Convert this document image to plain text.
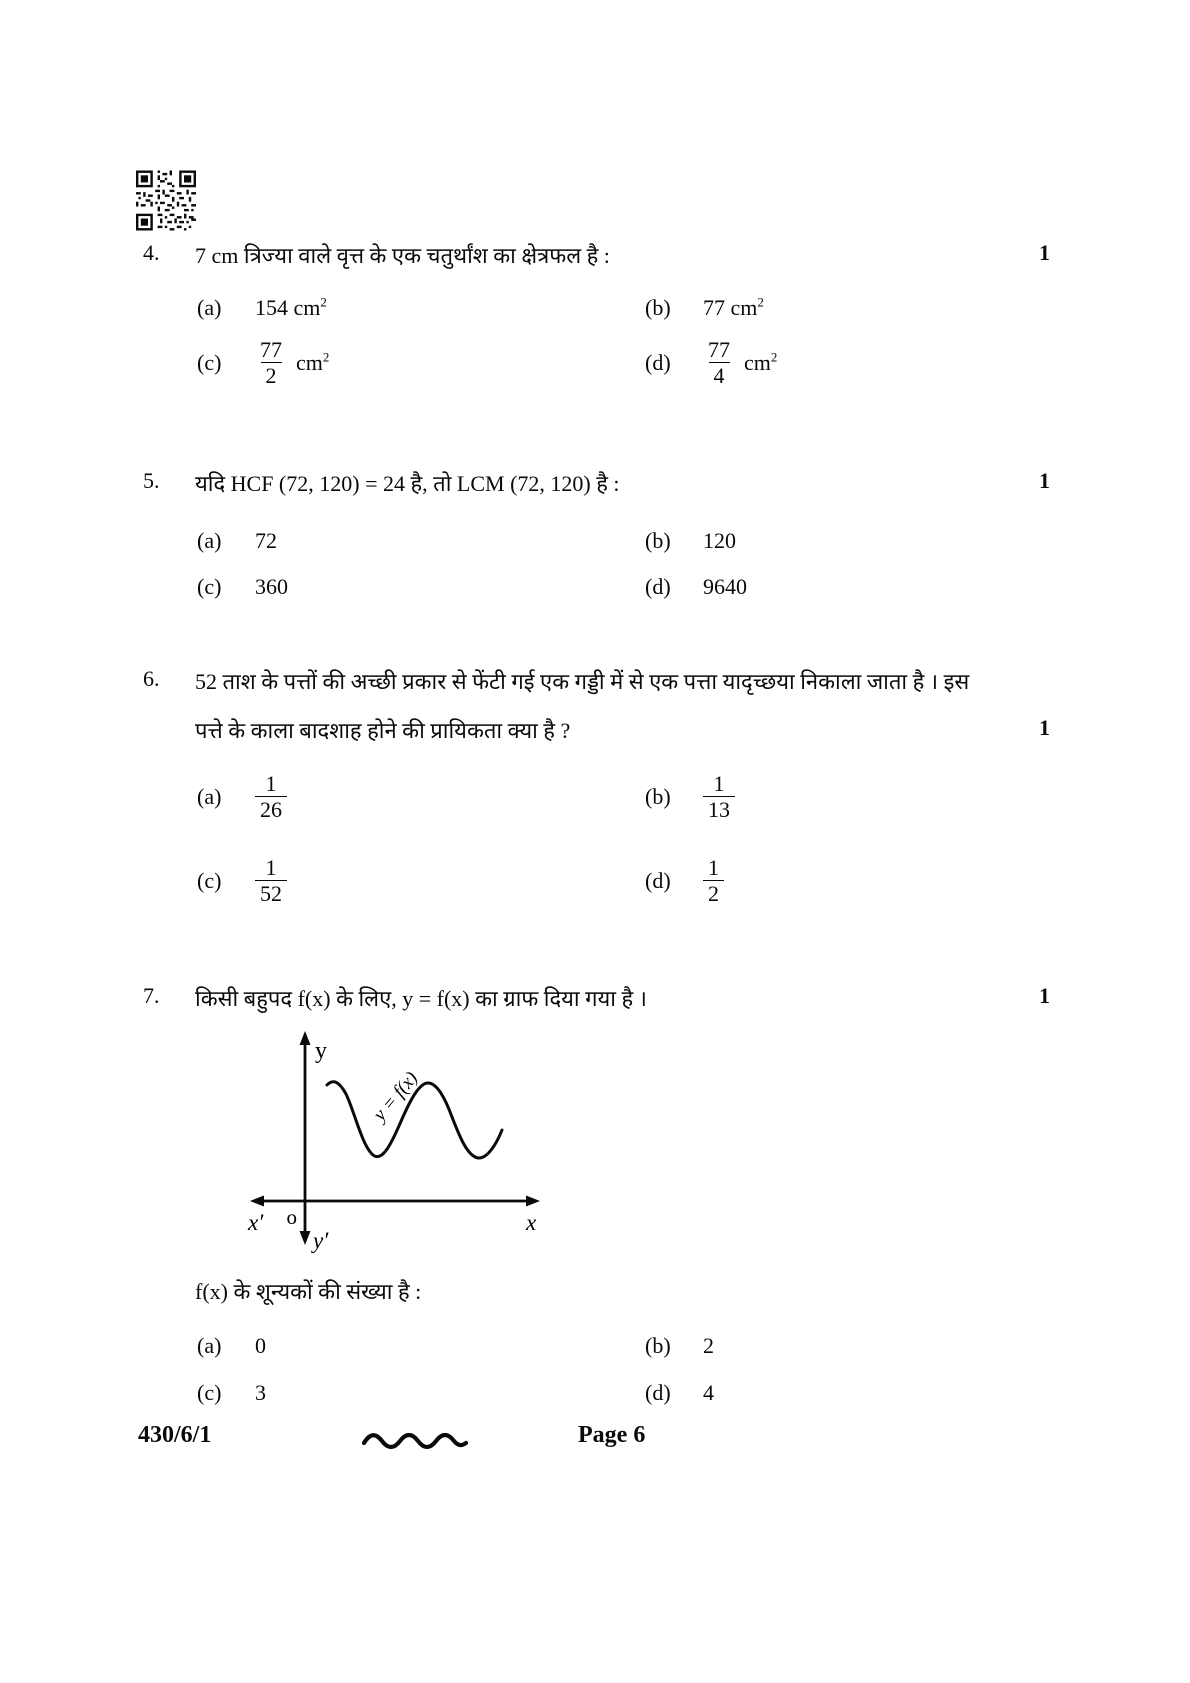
4. 7 cm त्रिज्या वाले वृत्त के एक चतुर्थांश का क्षेत्रफल है :	1
(a)	154 $cm^2$	(b)	77 $cm^2$
(c)	$\frac{77}{2} cm^2$	(d)	$\frac{77}{4} cm^2$
5. यदि HCF (72, 120) = 24 है, तो LCM (72, 120) है :	1
(a)	72	(b)	120
(c)	360	(d)	9640
6. 52 ताश के पत्तों की अच्छी प्रकार से फेंटी गई एक गड्डी में से एक पत्ता यादृच्छया निकाला जाता है । इस
पत्ते के काला बादशाह होने की प्रायिकता क्या है ?	1
(a)	$\frac{1}{26}$	(b)	$\frac{1}{13}$
(c)	$\frac{1}{52}$	(d)	$\frac{1}{2}$
7. किसी बहुपद f(x) के लिए, y = f(x) का ग्राफ दिया गया है ।	1
y
y′
x′	x
o
y = f(x)
f(x) के शून्यकों की संख्या है :
(a)	0	(b)	2
(c)	3	(d)	4
430/6/1	Page 6
